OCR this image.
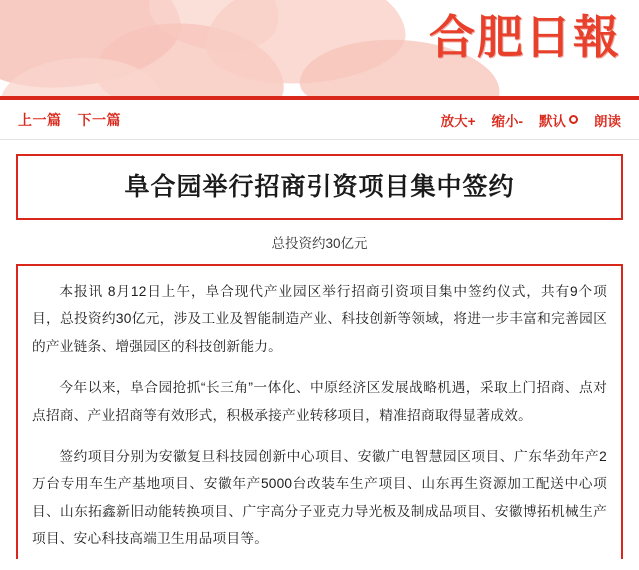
合肥日報
上一篇 下一篇	放大+ 缩小- 默认 朗读
阜合园举行招商引资项目集中签约
总投资约30亿元

本报讯 8月12日上午，阜合现代产业园区举行招商引资项目集中签约仪式，共有9个项目，总投资约30亿元，涉及工业及智能制造产业、科技创新等领域，将进一步丰富和完善园区的产业链条、增强园区的科技创新能力。

今年以来，阜合园抢抓“长三角”一体化、中原经济区发展战略机遇，采取上门招商、点对点招商、产业招商等有效形式，积极承接产业转移项目，精准招商取得显著成效。

签约项目分别为安徽复旦科技园创新中心项目、安徽广电智慧园区项目、广东华劲年产2万台专用车生产基地项目、安徽年产5000台改装车生产项目、山东再生资源加工配送中心项目、山东拓鑫新旧动能转换项目、广宇高分子亚克力导光板及制成品项目、安徽博拓机械生产项目、安心科技高端卫生用品项目等。
